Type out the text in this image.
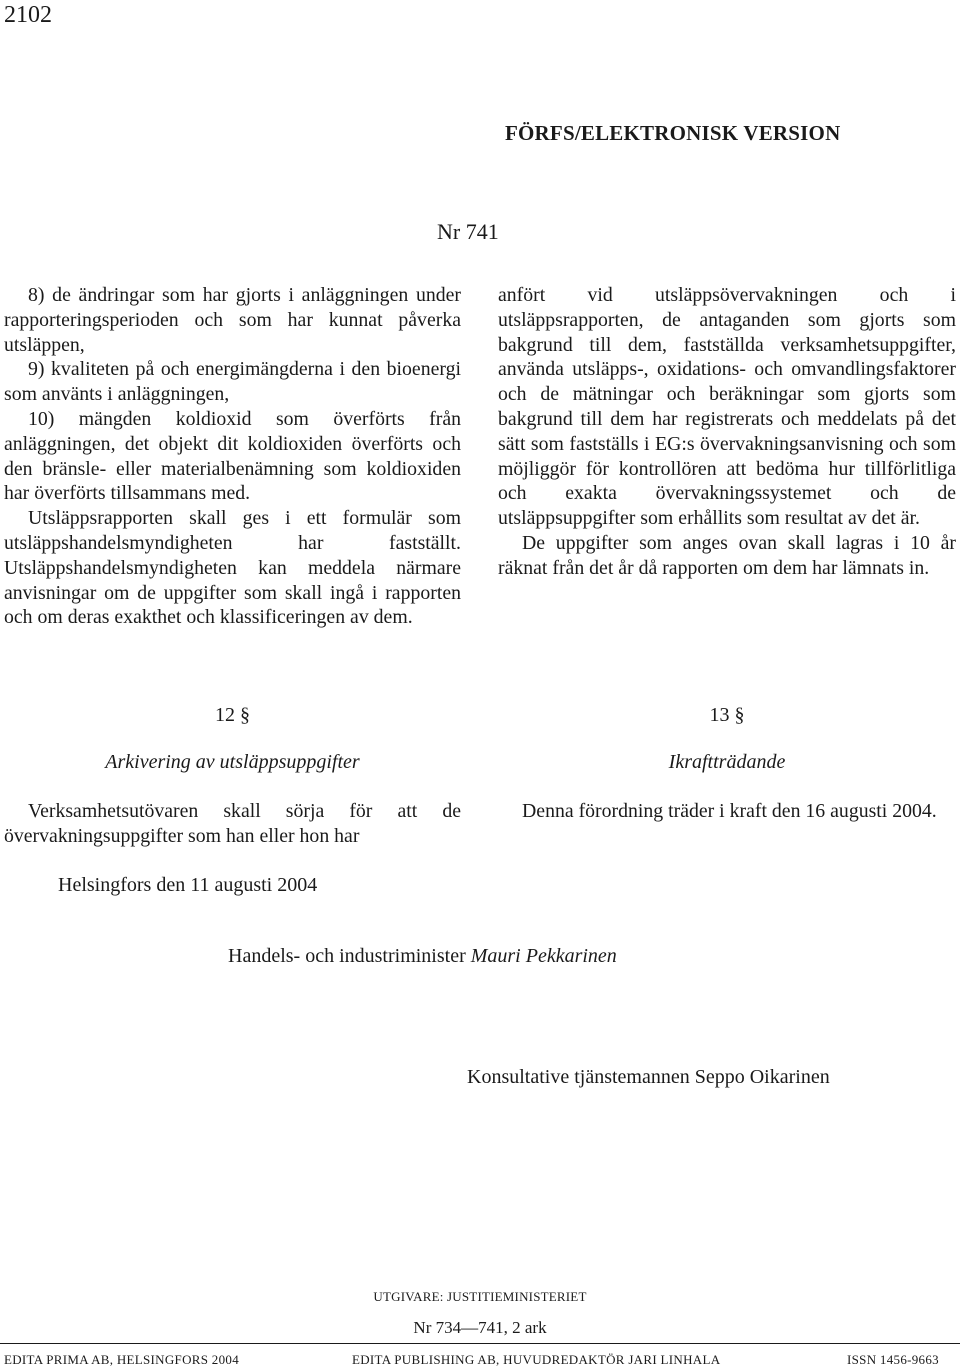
2102
FÖRFS/ELEKTRONISK VERSION
Nr 741

8) de ändringar som har gjorts i anläggningen under rapporteringsperioden och som har kunnat påverka utsläppen,

9) kvaliteten på och energimängderna i den bioenergi som använts i anläggningen,

10) mängden koldioxid som överförts från anläggningen, det objekt dit koldioxiden överförts och den bränsle- eller materialbenämning som koldioxiden har överförts tillsammans med.

Utsläppsrapporten skall ges i ett formulär som utsläppshandelsmyndigheten har fastställt. Utsläppshandelsmyndigheten kan meddela närmare anvisningar om de uppgifter som skall ingå i rapporten och om deras exakthet och klassificeringen av dem.

12 §
Arkivering av utsläppsuppgifter

Verksamhetsutövaren skall sörja för att de övervakningsuppgifter som han eller hon har

anfört vid utsläppsövervakningen och i utsläppsrapporten, de antaganden som gjorts som bakgrund till dem, fastställda verksamhetsuppgifter, använda utsläpps-, oxidations- och omvandlingsfaktorer och de mätningar och beräkningar som gjorts som bakgrund till dem har registrerats och meddelats på det sätt som fastställs i EG:s övervakningsanvisning och som möjliggör för kontrollören att bedöma hur tillförlitliga och exakta övervakningssystemet och de utsläppsuppgifter som erhållits som resultat av det är.

De uppgifter som anges ovan skall lagras i 10 år räknat från det år då rapporten om dem har lämnats in.

13 §
Ikraftträdande

Denna förordning träder i kraft den 16 augusti 2004.

Helsingfors den 11 augusti 2004
Handels- och industriminister Mauri Pekkarinen
Konsultative tjänstemannen Seppo Oikarinen
UTGIVARE: JUSTITIEMINISTERIET
Nr 734—741, 2 ark
EDITA PRIMA AB, HELSINGFORS 2004	EDITA PUBLISHING AB, HUVUDREDAKTÖR JARI LINHALA	ISSN 1456-9663
